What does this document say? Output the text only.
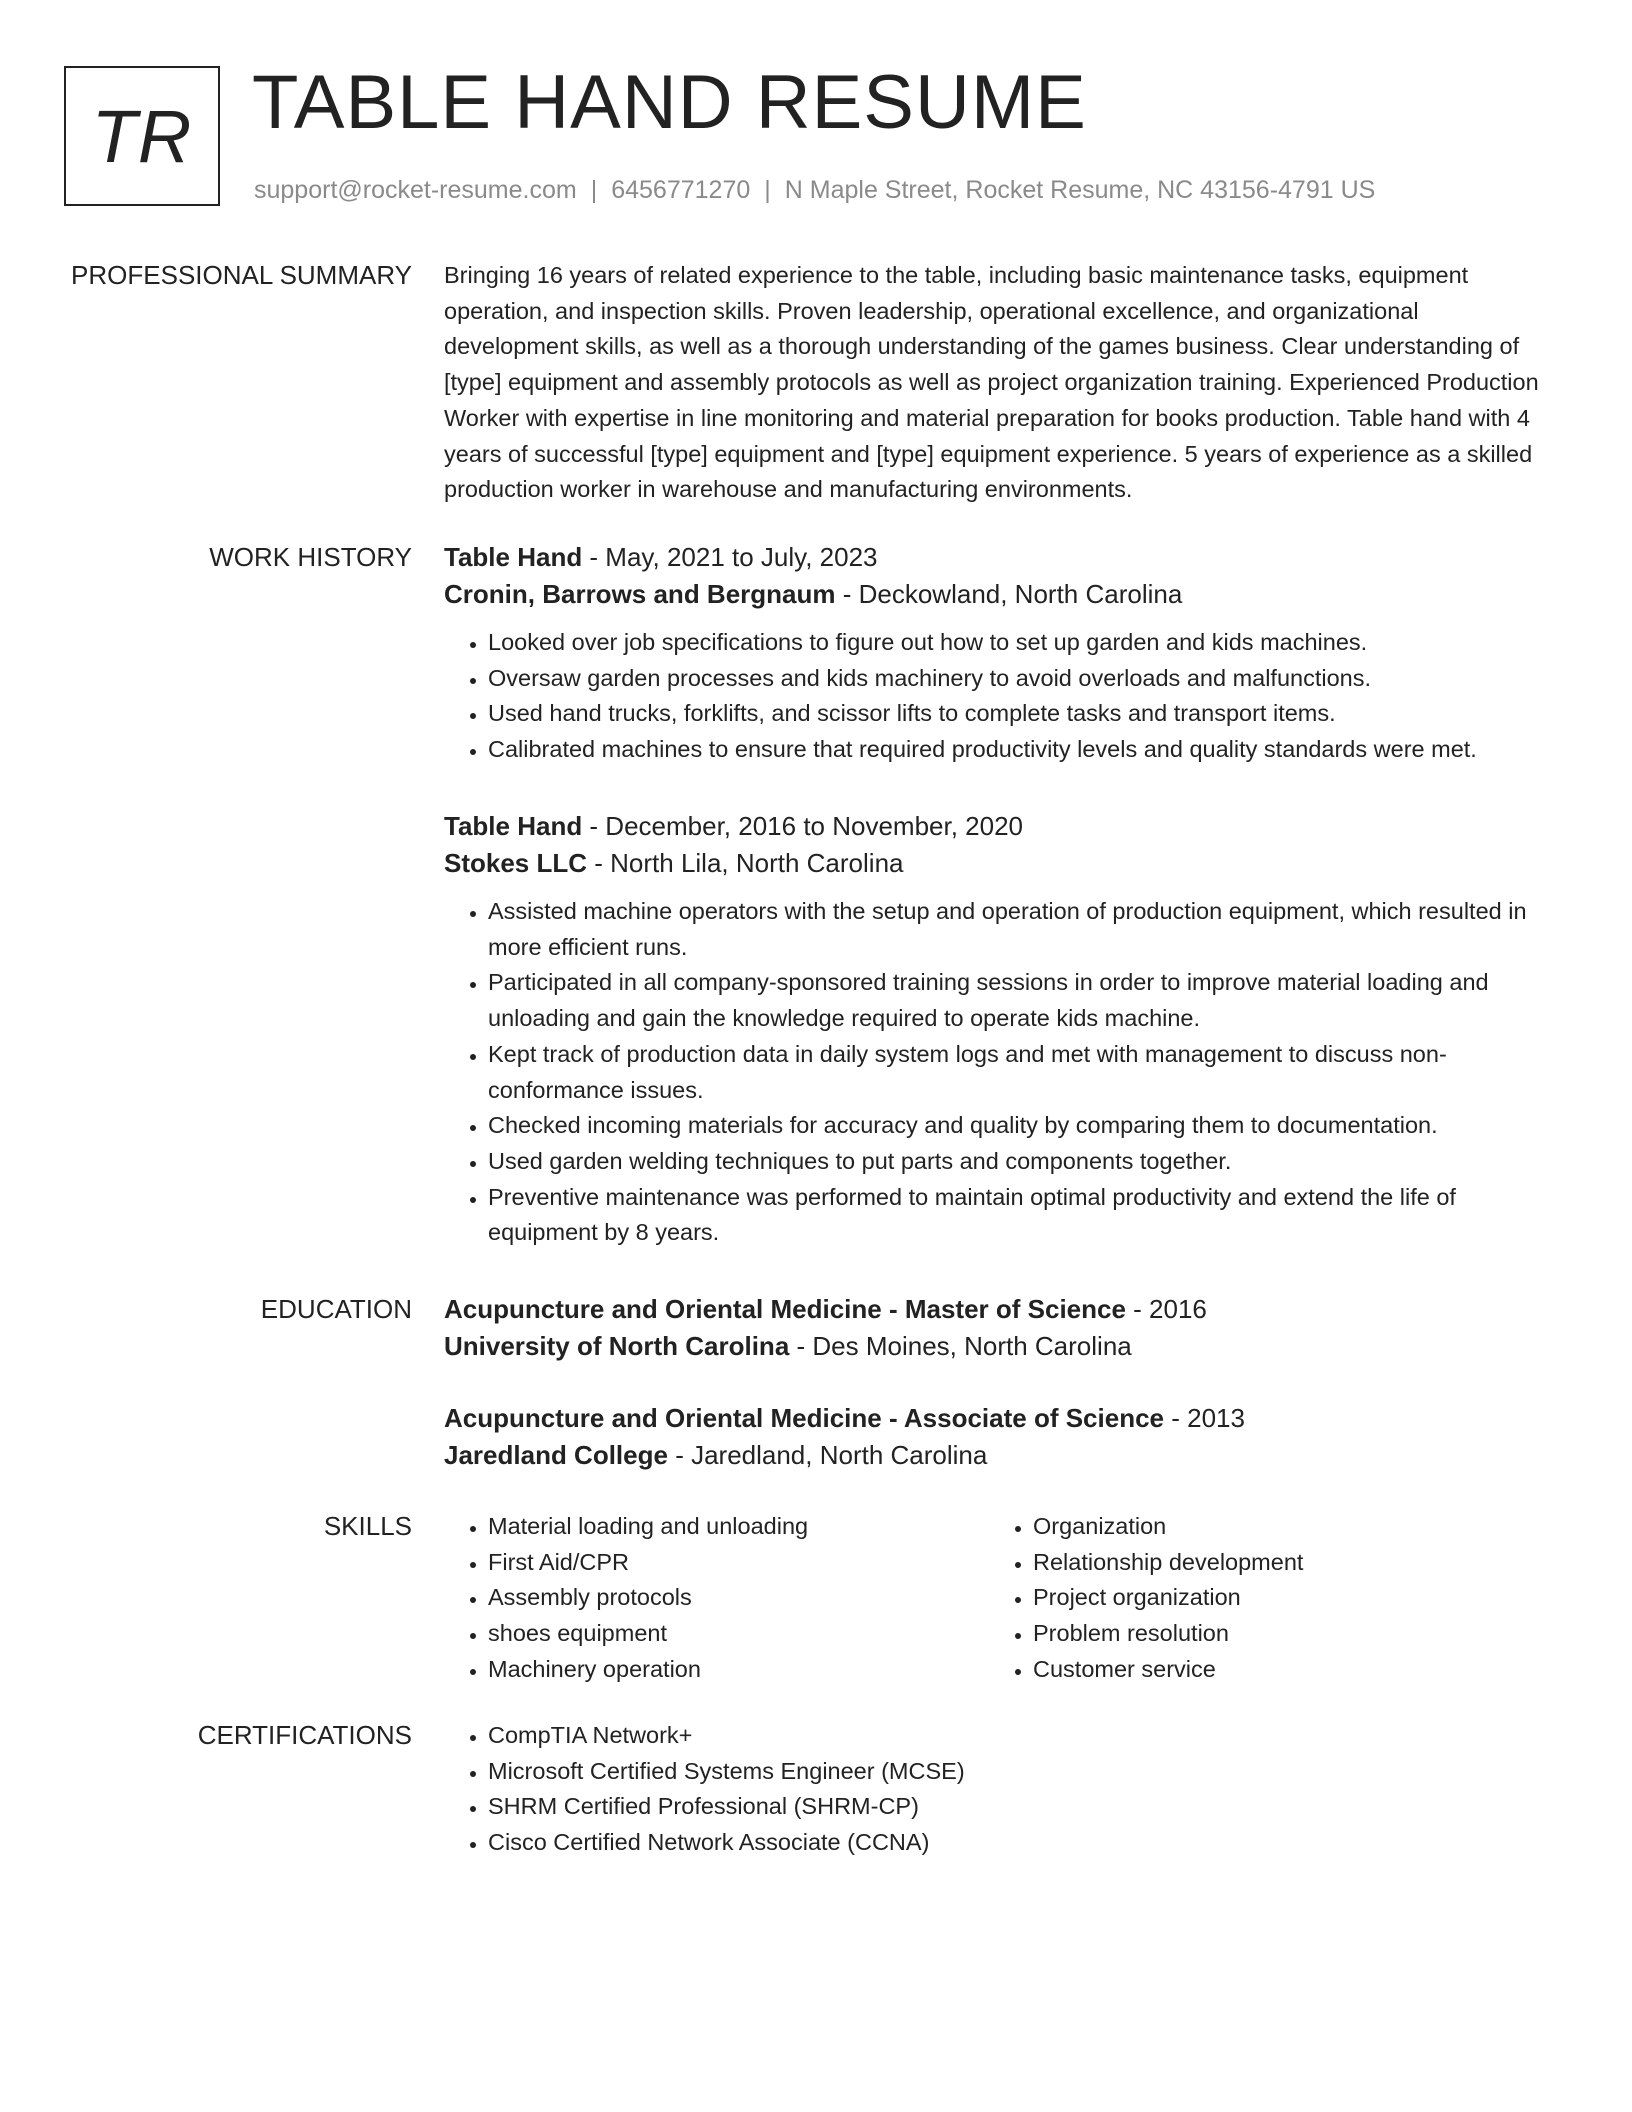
TR TABLE HAND RESUME
support@rocket-resume.com | 6456771270 | N Maple Street, Rocket Resume, NC 43156-4791 US
PROFESSIONAL SUMMARY Bringing 16 years of related experience to the table, including basic maintenance tasks, equipment operation, and inspection skills. Proven leadership, operational excellence, and organizational development skills, as well as a thorough understanding of the games business. Clear understanding of [type] equipment and assembly protocols as well as project organization training. Experienced Production Worker with expertise in line monitoring and material preparation for books production. Table hand with 4 years of successful [type] equipment and [type] equipment experience. 5 years of experience as a skilled production worker in warehouse and manufacturing environments.

WORK HISTORY Table Hand - May, 2021 to July, 2023
Cronin, Barrows and Bergnaum - Deckowland, North Carolina
• Looked over job specifications to figure out how to set up garden and kids machines.
• Oversaw garden processes and kids machinery to avoid overloads and malfunctions.
• Used hand trucks, forklifts, and scissor lifts to complete tasks and transport items.
• Calibrated machines to ensure that required productivity levels and quality standards were met.
Table Hand - December, 2016 to November, 2020
Stokes LLC - North Lila, North Carolina
• Assisted machine operators with the setup and operation of production equipment, which resulted in more efficient runs.
• Participated in all company-sponsored training sessions in order to improve material loading and unloading and gain the knowledge required to operate kids machine.
• Kept track of production data in daily system logs and met with management to discuss non-conformance issues.
• Checked incoming materials for accuracy and quality by comparing them to documentation.
• Used garden welding techniques to put parts and components together.
• Preventive maintenance was performed to maintain optimal productivity and extend the life of equipment by 8 years.
EDUCATION Acupuncture and Oriental Medicine - Master of Science - 2016
University of North Carolina - Des Moines, North Carolina
Acupuncture and Oriental Medicine - Associate of Science - 2013
Jaredland College - Jaredland, North Carolina
SKILLS	• Material loading and unloading
• First Aid/CPR
• Assembly protocols
• shoes equipment
• Machinery operation
• Organization
• Relationship development
• Project organization
• Problem resolution
• Customer service
CERTIFICATIONS	• CompTIA Network+
• Microsoft Certified Systems Engineer (MCSE)
• SHRM Certified Professional (SHRM-CP)
• Cisco Certified Network Associate (CCNA)
